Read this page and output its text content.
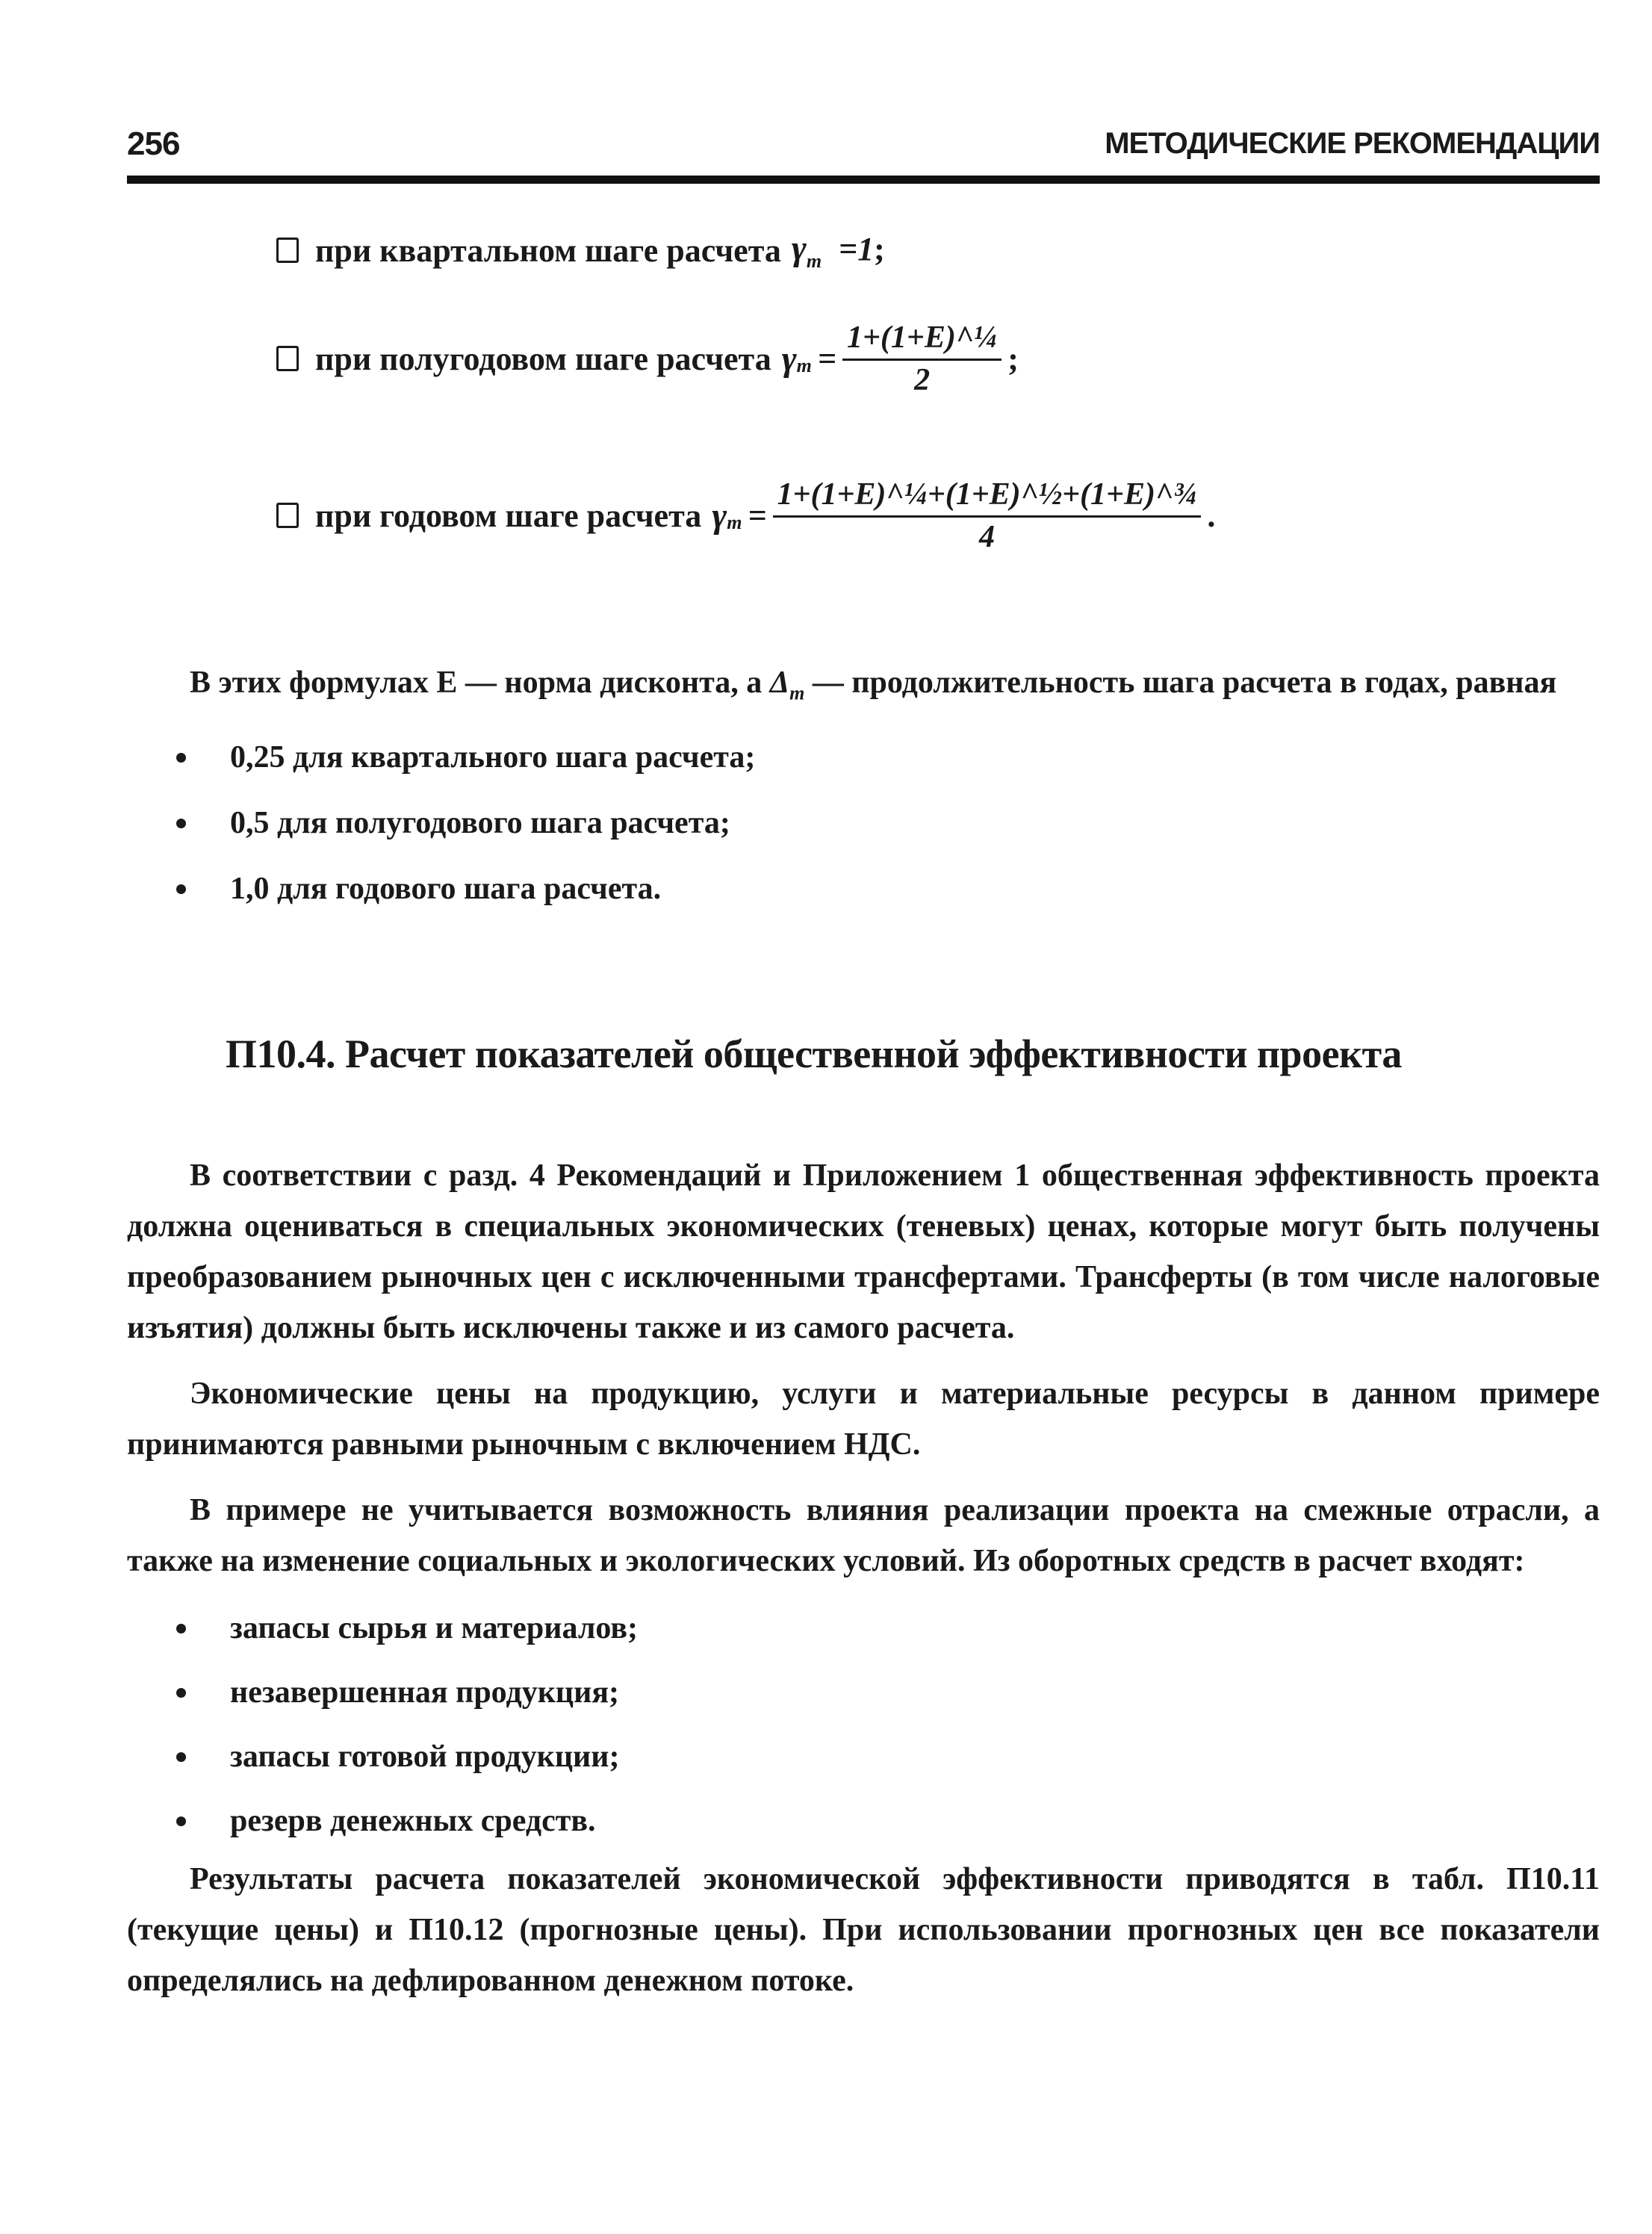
256	МЕТОДИЧЕСКИЕ РЕКОМЕНДАЦИИ
при квартальном шаге расчета $\gamma_m =1$;
при полугодовом шаге расчета $\gamma_m = \frac{\text{1+(1+E)\textasciicircum{}¼}}{2}$ ;
при годовом шаге расчета $\gamma_m = \frac{\text{1+(1+E)\textasciicircum{}¼+(1+E)\textasciicircum{}½+(1+E)\textasciicircum{}¾}}{4}$ .

В этих формулах E — норма дисконта, а $\Delta_m$ — продолжительность шага расчета в годах, равная

0,25 для квартального шага расчета;
0,5 для полугодового шага расчета;
1,0 для годового шага расчета.
П10.4. Расчет показателей общественной эффективности проекта

В соответствии с разд. 4 Рекомендаций и Приложением 1 общественная эффективность проекта должна оцениваться в специальных экономических (теневых) ценах, которые могут быть получены преобразованием рыночных цен с исключенными трансфертами. Трансферты (в том числе налоговые изъятия) должны быть исключены также и из самого расчета.

Экономические цены на продукцию, услуги и материальные ресурсы в данном примере принимаются равными рыночным с включением НДС.

В примере не учитывается возможность влияния реализации проекта на смежные отрасли, а также на изменение социальных и экологических условий. Из оборотных средств в расчет входят:

запасы сырья и материалов;
незавершенная продукция;
запасы готовой продукции;
резерв денежных средств.

Результаты расчета показателей экономической эффективности приводятся в табл. П10.11 (текущие цены) и П10.12 (прогнозные цены). При использовании прогнозных цен все показатели определялись на дефлированном денежном потоке.
